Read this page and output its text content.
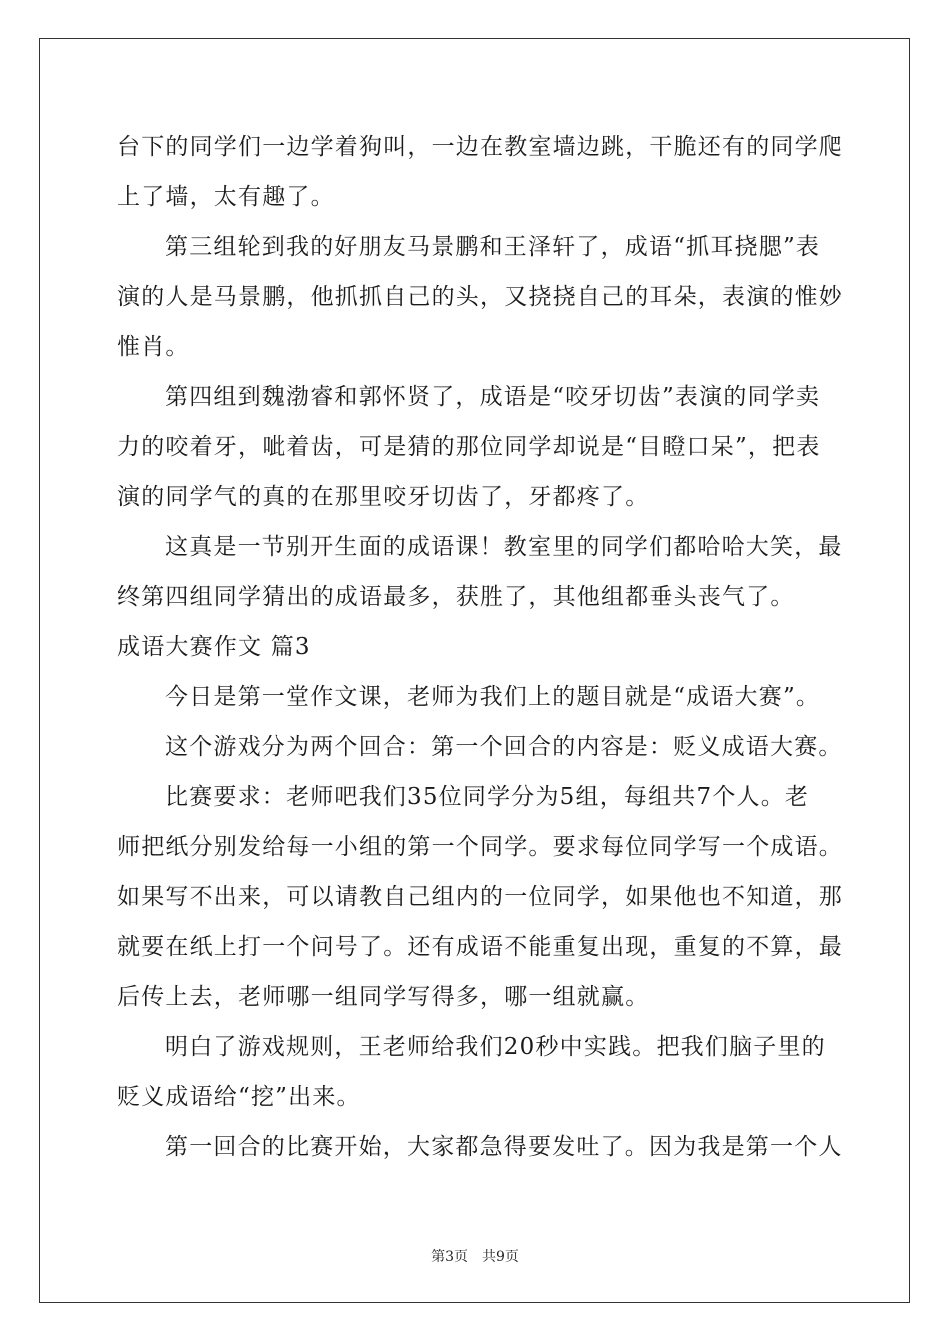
台下的同学们一边学着狗叫，一边在教室墙边跳，干脆还有的同学爬
上了墙，太有趣了。
第三组轮到我的好朋友马景鹏和王泽轩了，成语“抓耳挠腮”表
演的人是马景鹏，他抓抓自己的头，又挠挠自己的耳朵，表演的惟妙
惟肖。
第四组到魏渤睿和郭怀贤了，成语是“咬牙切齿”表演的同学卖
力的咬着牙，呲着齿，可是猜的那位同学却说是“目瞪口呆”，把表
演的同学气的真的在那里咬牙切齿了，牙都疼了。
这真是一节别开生面的成语课！教室里的同学们都哈哈大笑，最
终第四组同学猜出的成语最多，获胜了，其他组都垂头丧气了。
成语大赛作文 篇3
今日是第一堂作文课，老师为我们上的题目就是“成语大赛”。
这个游戏分为两个回合：第一个回合的内容是：贬义成语大赛。
比赛要求：老师吧我们35位同学分为5组，每组共7个人。老
师把纸分别发给每一小组的第一个同学。要求每位同学写一个成语。
如果写不出来，可以请教自己组内的一位同学，如果他也不知道，那
就要在纸上打一个问号了。还有成语不能重复出现，重复的不算，最
后传上去，老师哪一组同学写得多，哪一组就赢。
明白了游戏规则，王老师给我们20秒中实践。把我们脑子里的
贬义成语给“挖”出来。
第一回合的比赛开始，大家都急得要发吐了。因为我是第一个人
第3页　共9页
